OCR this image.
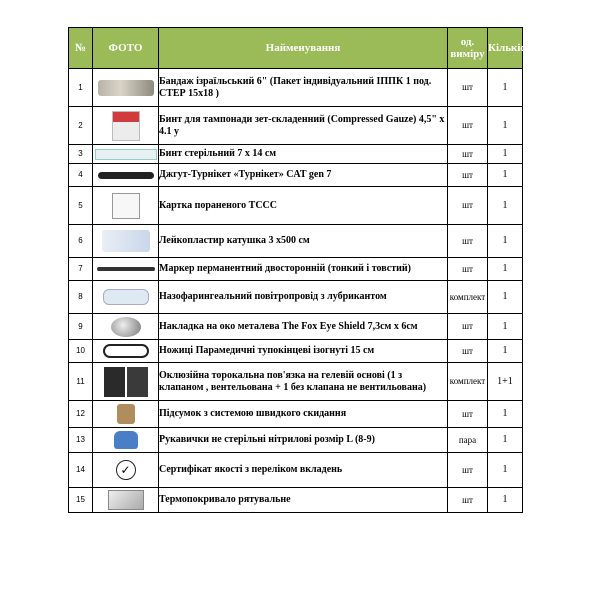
№	ФОТО	Найменування	од. виміру	Кількість
1		Бандаж ізраїльський 6" (Пакет індивідуальний ІППК 1 под. СТЕР 15х18 )	шт	1
2		Бинт для тампонади зет-складенний (Compressed Gauze) 4,5" x 4.1 y	шт	1
3		Бинт стерільний 7 х 14 см	шт	1
4		Джгут-Турнікет «Турнікет» CAT gen 7	шт	1
5		Картка пораненого TCCC	шт	1
6		Лейкопластир катушка 3 х500 см	шт	1
7		Маркер перманентний двосторонній (тонкий і товстий)	шт	1
8		Назофарингeальний повітропровід з лубрикантом	комплект	1
9		Накладка на око металева The Fox Eye Shield 7,3см х 6см	шт	1
10		Ножиці Парамедичні тупокінцеві ізогнуті 15 см	шт	1
11		Оклюзійна торокальна пов'язка на гелевій основі (1 з клапаном , вентельована + 1 без клапана не вентильована)	комплект	1+1
12		Підсумок з системою швидкого скидання	шт	1
13		Рукавички не стерільні нітрилові розмір L (8-9)	пара	1
14	✓	Сертифікат якості з переліком вкладень	шт	1
15		Термопокривало рятувальне	шт	1
